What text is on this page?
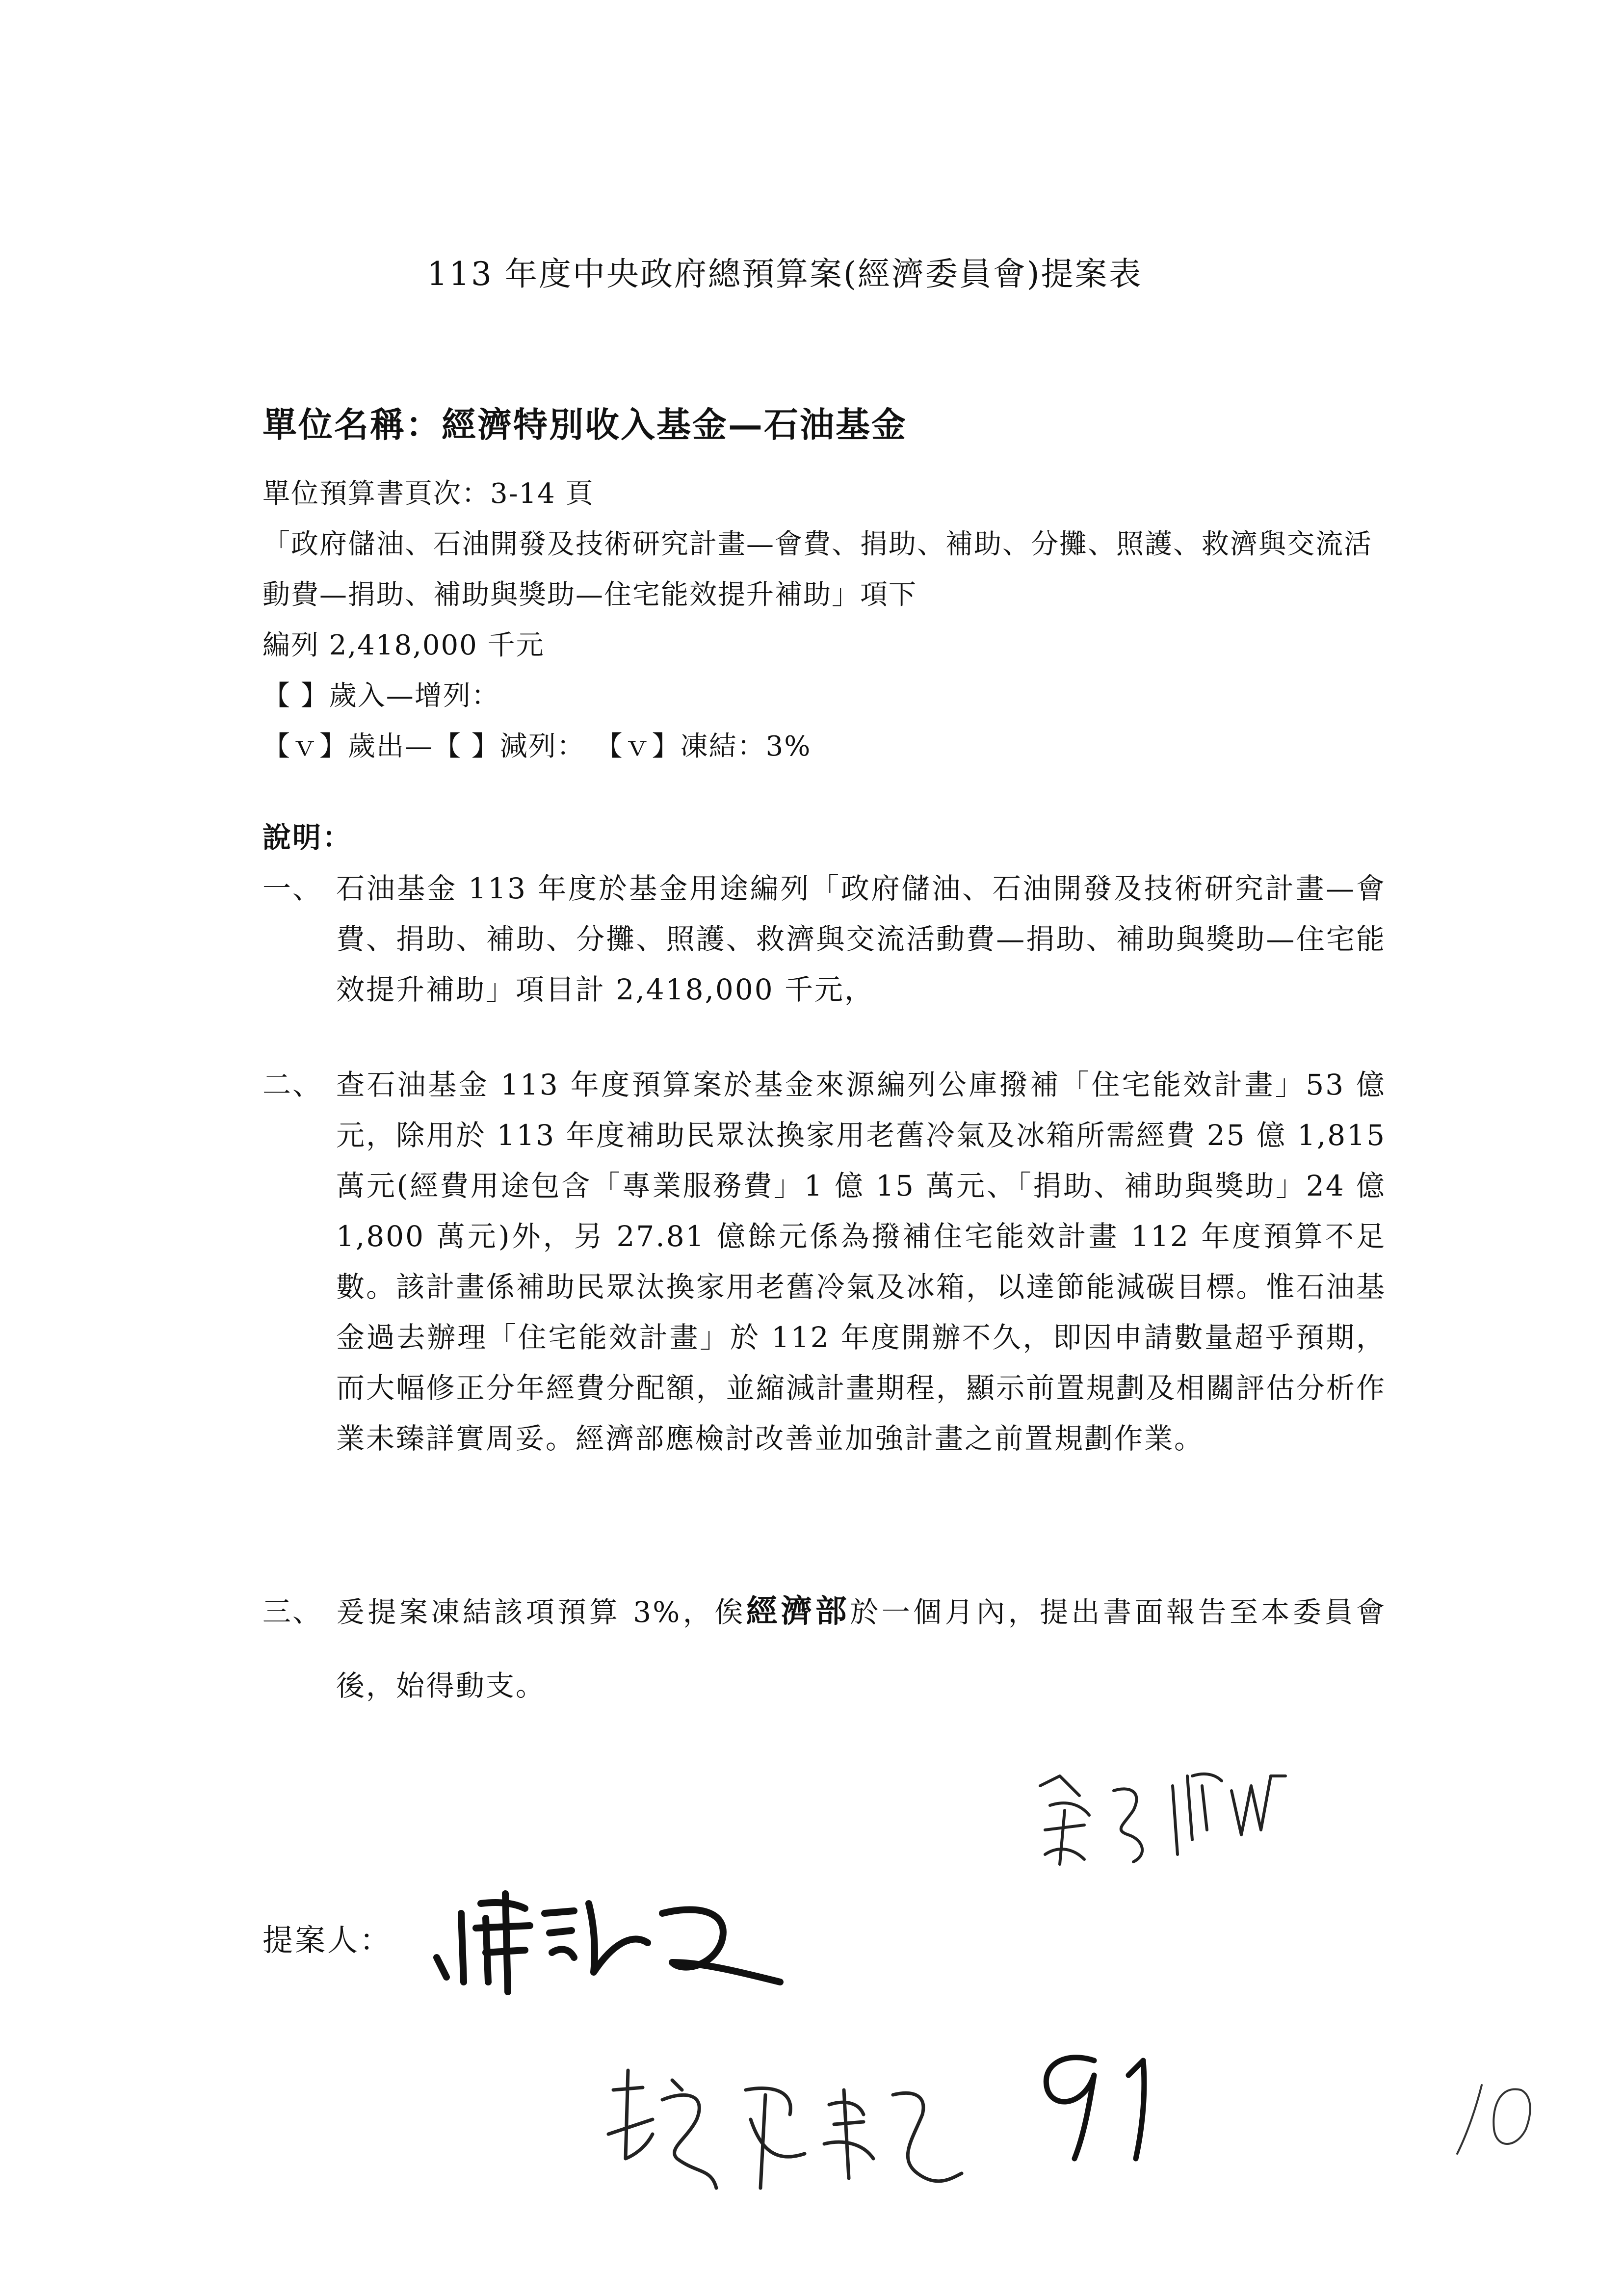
113 年度中央政府總預算案(經濟委員會)提案表
單位名稱：經濟特別收入基金—石油基金
單位預算書頁次：3-14 頁
「政府儲油、石油開發及技術研究計畫—會費、捐助、補助、分攤、照護、救濟與交流活動費—捐助、補助與獎助—住宅能效提升補助」項下
編列 2,418,000 千元
【 】歲入—增列：
【ｖ】歲出—【 】減列： 【ｖ】凍結：3%
說明：
一、 石油基金 113 年度於基金用途編列「政府儲油、石油開發及技術研究計畫—會費、捐助、補助、分攤、照護、救濟與交流活動費—捐助、補助與獎助—住宅能效提升補助」項目計 2,418,000 千元，
二、 查石油基金 113 年度預算案於基金來源編列公庫撥補「住宅能效計畫」53 億元，除用於 113 年度補助民眾汰換家用老舊冷氣及冰箱所需經費 25 億 1,815 萬元(經費用途包含「專業服務費」1 億 15 萬元、「捐助、補助與獎助」24 億 1,800 萬元)外，另 27.81 億餘元係為撥補住宅能效計畫 112 年度預算不足數。該計畫係補助民眾汰換家用老舊冷氣及冰箱，以達節能減碳目標。惟石油基金過去辦理「住宅能效計畫」於 112 年度開辦不久，即因申請數量超乎預期，而大幅修正分年經費分配額，並縮減計畫期程，顯示前置規劃及相關評估分析作業未臻詳實周妥。經濟部應檢討改善並加強計畫之前置規劃作業。
三、 爰提案凍結該項預算 3%，俟經濟部於一個月內，提出書面報告至本委員會後，始得動支。
提案人：
